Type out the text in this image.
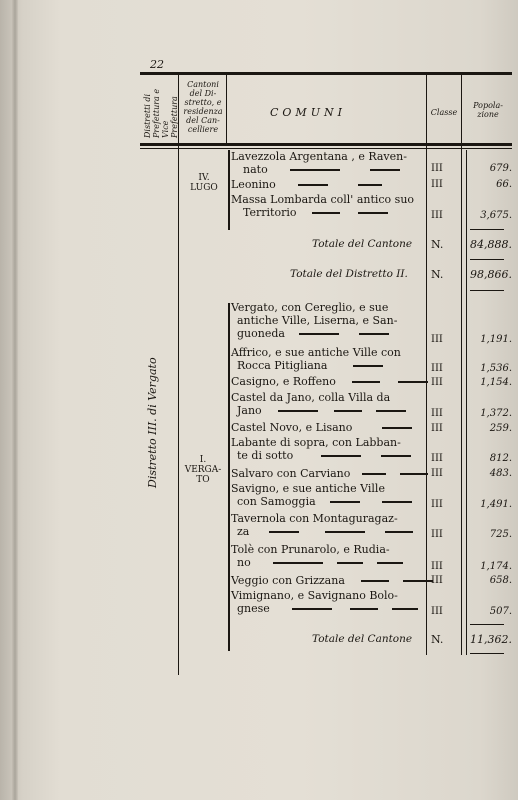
22
Distretti di Prefettura e Vice Prefettura
Cantoni del Di-stretto, e residenza del Can-celliere
COMUNI	Classe
Popola-zione
Distretto III. di Vergato
IV.
LUGO
I.
VERGA-TO
Lavezzola Argentana , e Raven-
nato	III	679.
Leonino	III	66.
Massa Lombarda coll' antico suo
Territorio	III	3,675.
Totale del Cantone N.	84,888.
Totale del Distretto II. N.	98,866.
Vergato, con Cereglio, e sue
antiche Ville, Liserna, e San-
guoneda	III	1,191.
Affrico, e sue antiche Ville con
Rocca Pitigliana	III	1,536.
Casigno, e Roffeno	III	1,154.
Castel da Jano, colla Villa da
Jano	III	1,372.
Castel Novo, e Lisano	III	259.
Labante di sopra, con Labban-
te di sotto	III	812.
Salvaro con Carviano	III	483.
Savigno, e sue antiche Ville
con Samoggia	III	1,491.
Tavernola con Montaguragaz-
za	III	725.
Tolè con Prunarolo, e Rudia-
no	III	1,174.
Veggio con Grizzana	III	658.
Vimignano, e Savignano Bolo-
gnese	III	507.
Totale del Cantone N.	11,362.
